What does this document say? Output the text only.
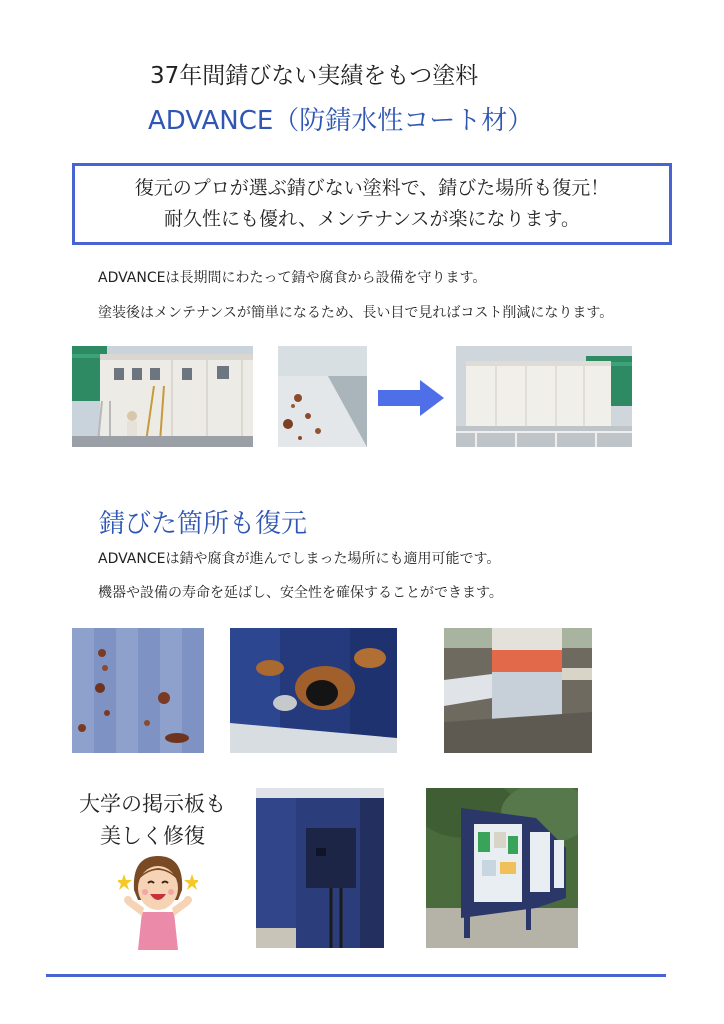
37年間錆びない実績をもつ塗料
ADVANCE（防錆水性コート材）
復元のプロが選ぶ錆びない塗料で、錆びた場所も復元！
耐久性にも優れ、メンテナンスが楽になります。
ADVANCEは長期間にわたって錆や腐食から設備を守ります。
塗装後はメンテナンスが簡単になるため、長い目で見ればコスト削減になります。
錆びた箇所も復元
ADVANCEは錆や腐食が進んでしまった場所にも適用可能です。
機器や設備の寿命を延ばし、安全性を確保することができます。
大学の掲示板も
美しく修復
